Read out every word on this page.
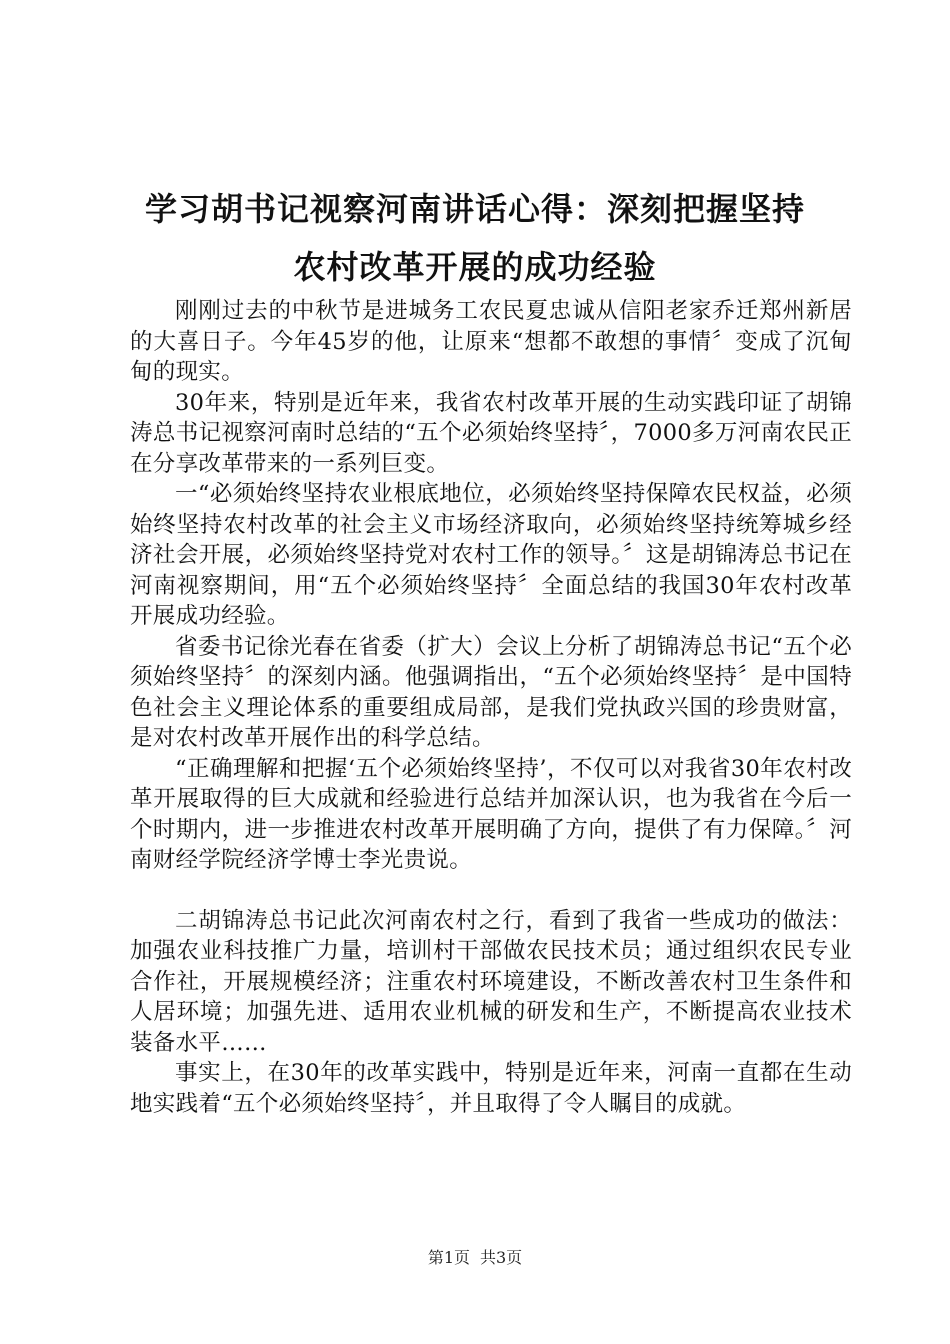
学习胡书记视察河南讲话心得：深刻把握坚持
农村改革开展的成功经验

刚刚过去的中秋节是进城务工农民夏忠诚从信阳老家乔迁郑州新居的大喜日子。今年45岁的他，让原来“想都不敢想的事情〞变成了沉甸甸的现实。

30年来，特别是近年来，我省农村改革开展的生动实践印证了胡锦涛总书记视察河南时总结的“五个必须始终坚持〞，7000多万河南农民正在分享改革带来的一系列巨变。

一“必须始终坚持农业根底地位，必须始终坚持保障农民权益，必须始终坚持农村改革的社会主义市场经济取向，必须始终坚持统筹城乡经济社会开展，必须始终坚持党对农村工作的领导。〞这是胡锦涛总书记在河南视察期间，用“五个必须始终坚持〞全面总结的我国30年农村改革开展成功经验。

省委书记徐光春在省委（扩大）会议上分析了胡锦涛总书记“五个必须始终坚持〞的深刻内涵。他强调指出，“五个必须始终坚持〞是中国特色社会主义理论体系的重要组成局部，是我们党执政兴国的珍贵财富，是对农村改革开展作出的科学总结。

“正确理解和把握‘五个必须始终坚持’，不仅可以对我省30年农村改革开展取得的巨大成就和经验进行总结并加深认识，也为我省在今后一个时期内，进一步推进农村改革开展明确了方向，提供了有力保障。〞河南财经学院经济学博士李光贵说。

二胡锦涛总书记此次河南农村之行，看到了我省一些成功的做法：加强农业科技推广力量，培训村干部做农民技术员；通过组织农民专业合作社，开展规模经济；注重农村环境建设，不断改善农村卫生条件和人居环境；加强先进、适用农业机械的研发和生产，不断提高农业技术装备水平……

事实上，在30年的改革实践中，特别是近年来，河南一直都在生动地实践着“五个必须始终坚持〞，并且取得了令人瞩目的成就。

第1页 共3页
